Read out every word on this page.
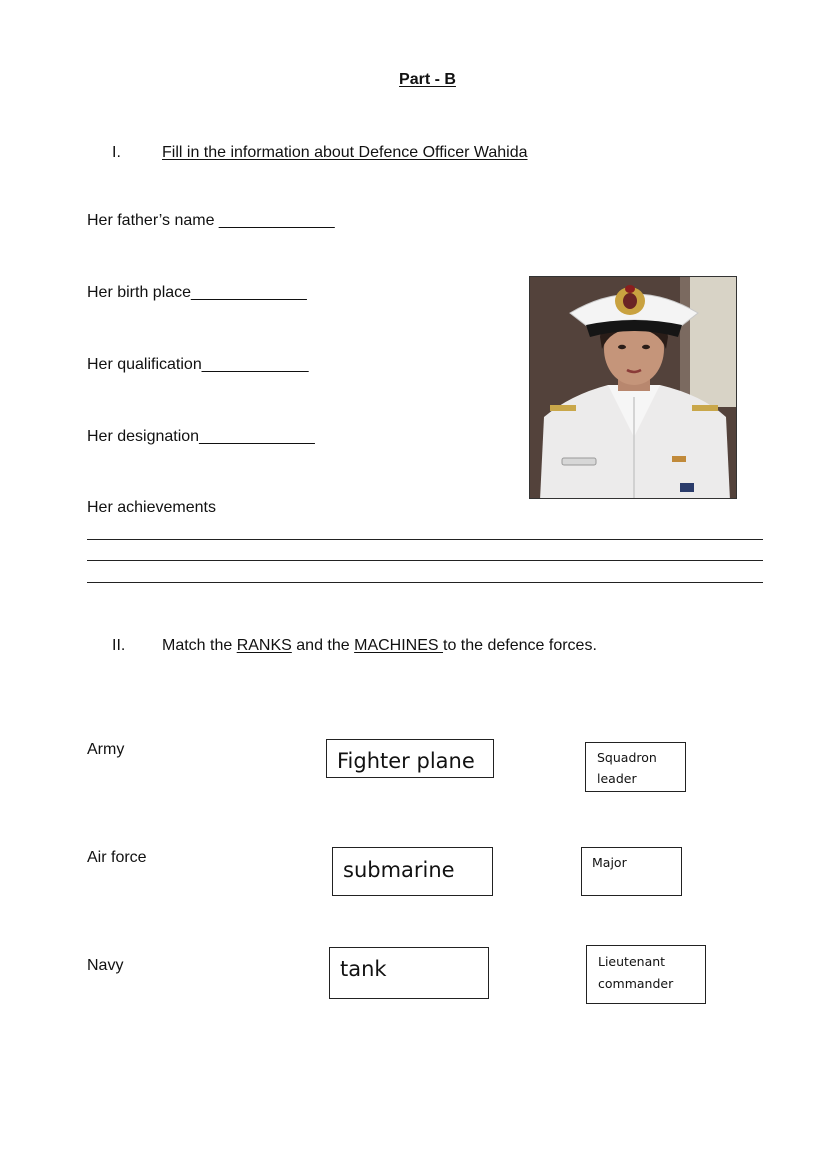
Part - B
I.	Fill in the information about Defence Officer Wahida
Her father’s name _____________
Her birth place_____________
Her qualification____________
Her designation_____________
Her achievements
II. Match the RANKS and the MACHINES to the defence forces.
Army
Air force
Navy
Fighter plane
submarine
tank
Squadron
leader
Major
Lieutenant
commander
